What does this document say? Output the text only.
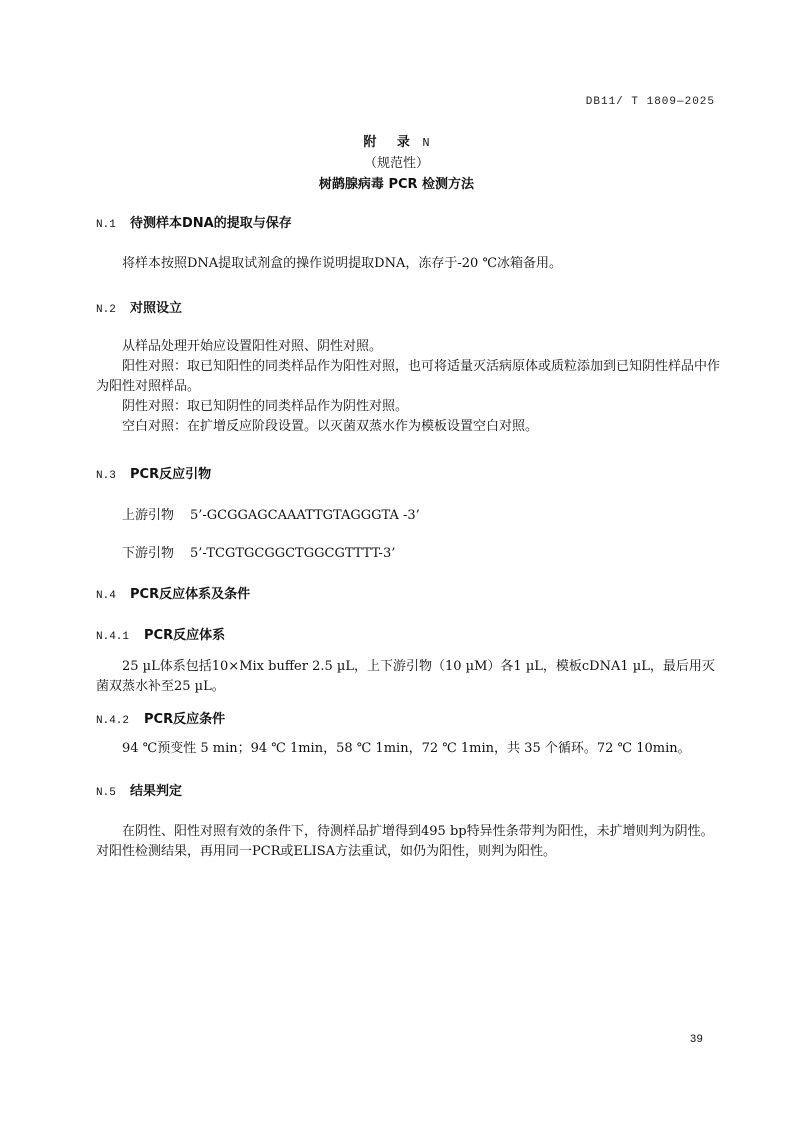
DB11/ T 1809—2025
附 录 N
（规范性）
树鹋腺病毒 PCR 检测方法
N.1 待测样本DNA的提取与保存
将样本按照DNA提取试剂盒的操作说明提取DNA，冻存于-20 ℃冰箱备用。
N.2 对照设立
从样品处理开始应设置阳性对照、阴性对照。
阳性对照：取已知阳性的同类样品作为阳性对照，也可将适量灭活病原体或质粒添加到已知阴性样品中作为阳性对照样品。
阴性对照：取已知阴性的同类样品作为阴性对照。
空白对照：在扩增反应阶段设置。以灭菌双蒸水作为模板设置空白对照。
N.3 PCR反应引物
上游引物 5’-GCGGAGCAAATTGTAGGGTA -3’
下游引物 5’-TCGTGCGGCTGGCGTTTT-3’
N.4 PCR反应体系及条件
N.4.1 PCR反应体系
25 µL体系包括10×Mix buffer 2.5 µL，上下游引物（10 µM）各1 µL，模板cDNA1 µL，最后用灭菌双蒸水补至25 µL。
N.4.2 PCR反应条件
94 ℃预变性 5 min；94 ℃ 1min，58 ℃ 1min，72 ℃ 1min，共 35 个循环。72 ℃ 10min。
N.5 结果判定
在阴性、阳性对照有效的条件下，待测样品扩增得到495 bp特异性条带判为阳性，未扩增则判为阴性。对阳性检测结果，再用同一PCR或ELISA方法重试，如仍为阳性，则判为阳性。
39
